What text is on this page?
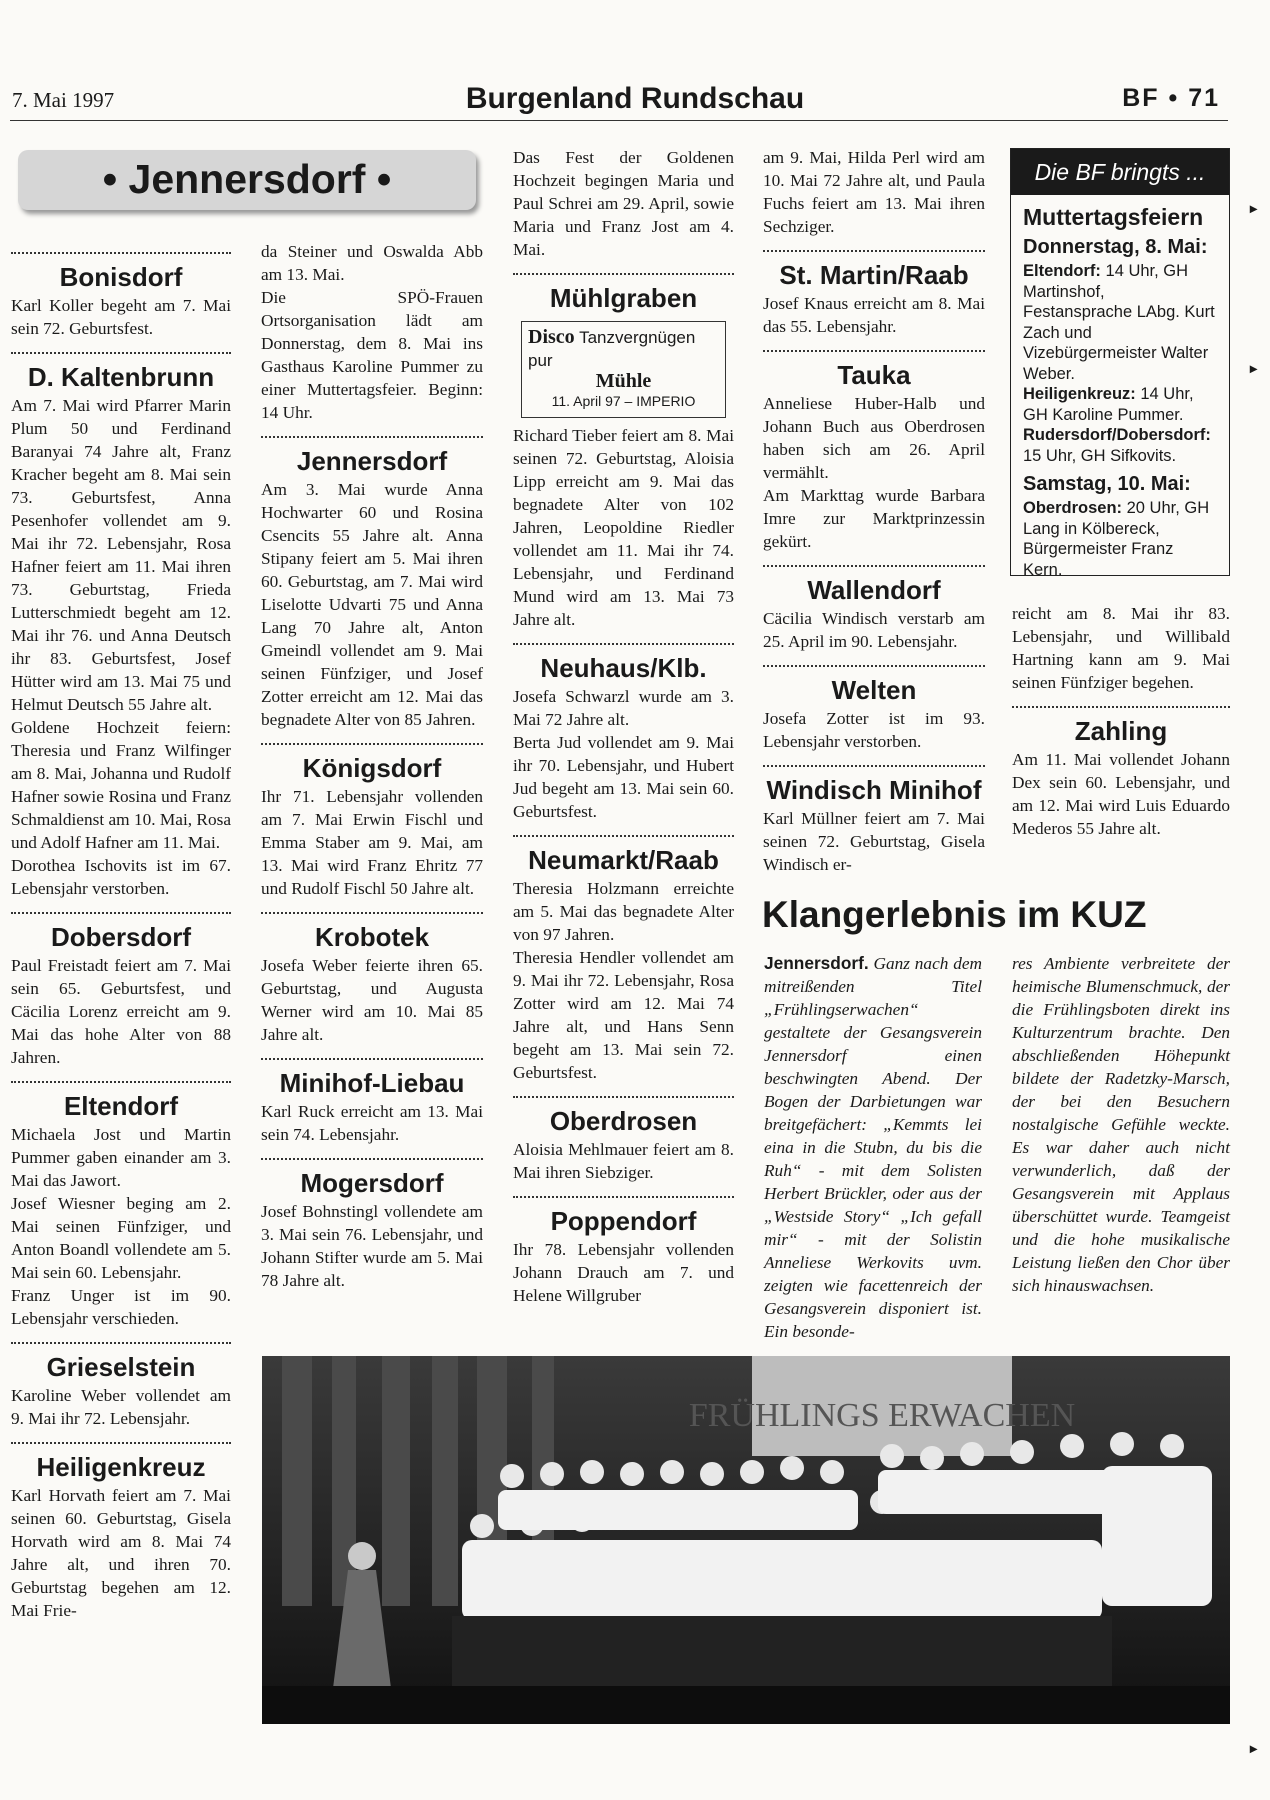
7. Mai 1997	Burgenland Rundschau	BF • 71
• Jennersdorf •
Bonisdorf

Karl Koller begeht am 7. Mai sein 72. Geburtsfest.

D. Kaltenbrunn

Am 7. Mai wird Pfarrer Marin Plum 50 und Ferdinand Baranyai 74 Jahre alt, Franz Kracher begeht am 8. Mai sein 73. Geburtsfest, Anna Pesenhofer vollendet am 9. Mai ihr 72. Lebensjahr, Rosa Hafner feiert am 11. Mai ihren 73. Geburtstag, Frieda Lutterschmiedt begeht am 12. Mai ihr 76. und Anna Deutsch ihr 83. Geburtsfest, Josef Hütter wird am 13. Mai 75 und Helmut Deutsch 55 Jahre alt.

Goldene Hochzeit feiern: Theresia und Franz Wilfinger am 8. Mai, Johanna und Rudolf Hafner sowie Rosina und Franz Schmaldienst am 10. Mai, Rosa und Adolf Hafner am 11. Mai.

Dorothea Ischovits ist im 67. Lebensjahr verstorben.

Dobersdorf

Paul Freistadt feiert am 7. Mai sein 65. Geburtsfest, und Cäcilia Lorenz erreicht am 9. Mai das hohe Alter von 88 Jahren.

Eltendorf

Michaela Jost und Martin Pummer gaben einander am 3. Mai das Jawort.

Josef Wiesner beging am 2. Mai seinen Fünfziger, und Anton Boandl vollendete am 5. Mai sein 60. Lebensjahr.

Franz Unger ist im 90. Lebensjahr verschieden.

Grieselstein

Karoline Weber vollendet am 9. Mai ihr 72. Lebensjahr.

Heiligenkreuz

Karl Horvath feiert am 7. Mai seinen 60. Geburtstag, Gisela Horvath wird am 8. Mai 74 Jahre alt, und ihren 70. Geburtstag begehen am 12. Mai Frie-

da Steiner und Oswalda Abb am 13. Mai.

Die SPÖ-Frauen Ortsorganisation lädt am Donnerstag, dem 8. Mai ins Gasthaus Karoline Pummer zu einer Muttertagsfeier. Beginn: 14 Uhr.

Jennersdorf

Am 3. Mai wurde Anna Hochwarter 60 und Rosina Csencits 55 Jahre alt. Anna Stipany feiert am 5. Mai ihren 60. Geburtstag, am 7. Mai wird Liselotte Udvarti 75 und Anna Lang 70 Jahre alt, Anton Gmeindl vollendet am 9. Mai seinen Fünfziger, und Josef Zotter erreicht am 12. Mai das begnadete Alter von 85 Jahren.

Königsdorf

Ihr 71. Lebensjahr vollenden am 7. Mai Erwin Fischl und Emma Staber am 9. Mai, am 13. Mai wird Franz Ehritz 77 und Rudolf Fischl 50 Jahre alt.

Krobotek

Josefa Weber feierte ihren 65. Geburtstag, und Augusta Werner wird am 10. Mai 85 Jahre alt.

Minihof-Liebau

Karl Ruck erreicht am 13. Mai sein 74. Lebensjahr.

Mogersdorf

Josef Bohnstingl vollendete am 3. Mai sein 76. Lebensjahr, und Johann Stifter wurde am 5. Mai 78 Jahre alt.

Das Fest der Goldenen Hochzeit begingen Maria und Paul Schrei am 29. April, sowie Maria und Franz Jost am 4. Mai.

Mühlgraben
Disco Tanzvergnügen pur
Mühle
11. April 97 – IMPERIO

Richard Tieber feiert am 8. Mai seinen 72. Geburtstag, Aloisia Lipp erreicht am 9. Mai das begnadete Alter von 102 Jahren, Leopoldine Riedler vollendet am 11. Mai ihr 74. Lebensjahr, und Ferdinand Mund wird am 13. Mai 73 Jahre alt.

Neuhaus/Klb.

Josefa Schwarzl wurde am 3. Mai 72 Jahre alt.

Berta Jud vollendet am 9. Mai ihr 70. Lebensjahr, und Hubert Jud begeht am 13. Mai sein 60. Geburtsfest.

Neumarkt/Raab

Theresia Holzmann erreichte am 5. Mai das begnadete Alter von 97 Jahren.

Theresia Hendler vollendet am 9. Mai ihr 72. Lebensjahr, Rosa Zotter wird am 12. Mai 74 Jahre alt, und Hans Senn begeht am 13. Mai sein 72. Geburtsfest.

Oberdrosen

Aloisia Mehlmauer feiert am 8. Mai ihren Siebziger.

Poppendorf

Ihr 78. Lebensjahr vollenden Johann Drauch am 7. und Helene Willgruber

am 9. Mai, Hilda Perl wird am 10. Mai 72 Jahre alt, und Paula Fuchs feiert am 13. Mai ihren Sechziger.

St. Martin/Raab

Josef Knaus erreicht am 8. Mai das 55. Lebensjahr.

Tauka

Anneliese Huber-Halb und Johann Buch aus Oberdrosen haben sich am 26. April vermählt.

Am Markttag wurde Barbara Imre zur Marktprinzessin gekürt.

Wallendorf

Cäcilia Windisch verstarb am 25. April im 90. Lebensjahr.

Welten

Josefa Zotter ist im 93. Lebensjahr verstorben.

Windisch Minihof

Karl Müllner feiert am 7. Mai seinen 72. Geburtstag, Gisela Windisch er-

Die BF bringts ...

Muttertagsfeiern

Donnerstag, 8. Mai:

Eltendorf: 14 Uhr, GH Martinshof, Festansprache LAbg. Kurt Zach und Vizebürgermeister Walter Weber.

Heiligenkreuz: 14 Uhr, GH Karoline Pummer.

Rudersdorf/Dobersdorf: 15 Uhr, GH Sifkovits.

Samstag, 10. Mai:

Oberdrosen: 20 Uhr, GH Lang in Kölbereck, Bürgermeister Franz Kern.

reicht am 8. Mai ihr 83. Lebensjahr, und Willibald Hartning kann am 9. Mai seinen Fünfziger begehen.

Zahling

Am 11. Mai vollendet Johann Dex sein 60. Lebensjahr, und am 12. Mai wird Luis Eduardo Mederos 55 Jahre alt.

Klangerlebnis im KUZ

Jennersdorf. Ganz nach dem mitreißenden Titel „Frühlingserwachen“ gestaltete der Gesangsverein Jennersdorf einen beschwingten Abend. Der Bogen der Darbietungen war breitgefächert: „Kemmts lei eina in die Stubn, du bis die Ruh“ - mit dem Solisten Herbert Brückler, oder aus der „Westside Story“ „Ich gefall mir“ - mit der Solistin Anneliese Werkovits uvm. zeigten wie facettenreich der Gesangsverein disponiert ist. Ein besonde-

res Ambiente verbreitete der heimische Blumenschmuck, der die Frühlingsboten direkt ins Kulturzentrum brachte. Den abschließenden Höhepunkt bildete der Radetzky-Marsch, der bei den Besuchern nostalgische Gefühle weckte. Es war daher auch nicht verwunderlich, daß der Gesangsverein mit Applaus überschüttet wurde. Teamgeist und die hohe musikalische Leistung ließen den Chor über sich hinauswachsen.

FRÜHLINGS ERWACHEN
▸
▸
▸
